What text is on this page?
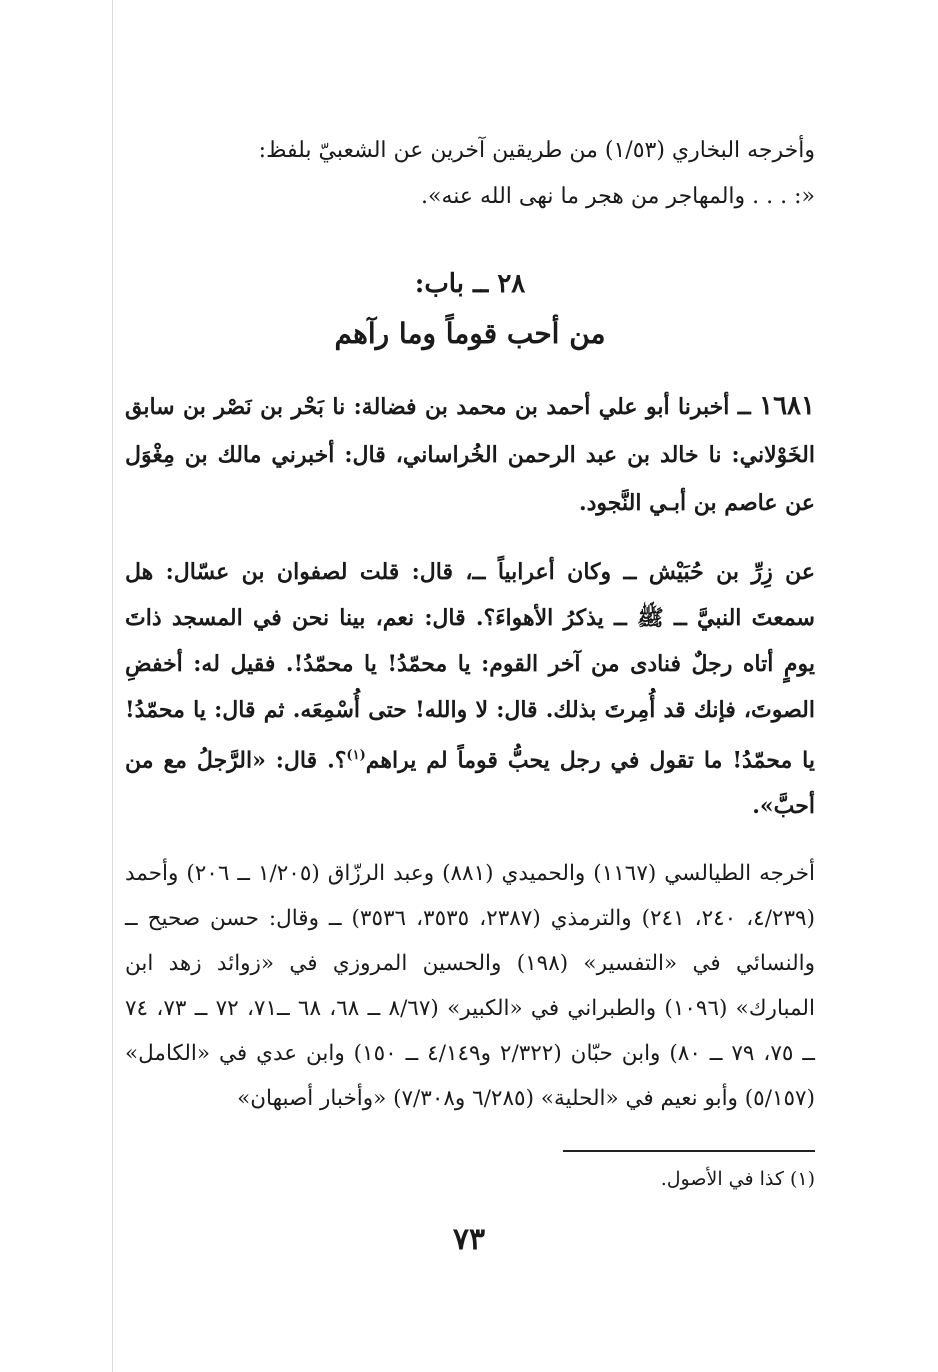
وأخرجه البخاري (١/٥٣) من طريقين آخرين عن الشعبيّ بلفظ:
«: . . . والمهاجر من هجر ما نهى الله عنه».

٢٨ ــ باب:
من أحب قوماً وما رآهم

١٦٨١ ــ أخبرنا أبو علي أحمد بن محمد بن فضالة: نا بَحْر بن نَصْر بن سابق الخَوْلاني: نا خالد بن عبد الرحمن الخُراساني، قال: أخبرني مالك بن مِغْوَل عن عاصم بن أبـي النَّجود.

عن زِرِّ بن حُبَيْش ــ وكان أعرابياً ــ، قال: قلت لصفوان بن عسّال: هل سمعتَ النبيَّ ــ ﷺ ــ يذكرُ الأهواءَ؟. قال: نعم، بينا نحن في المسجد ذاتَ يومٍ أتاه رجلٌ فنادى من آخر القوم: يا محمّدُ! يا محمّدُ!. فقيل له: أخفضِ الصوتَ، فإنك قد أُمِرتَ بذلك. قال: لا والله! حتى أُسْمِعَه. ثم قال: يا محمّدُ! يا محمّدُ! ما تقول في رجل يحبُّ قوماً لم يراهم$^{(١)}$؟. قال: «الرَّجلُ مع من أحبَّ».

أخرجه الطيالسي (١١٦٧) والحميدي (٨٨١) وعبد الرزّاق (١/٢٠٥ ــ ٢٠٦) وأحمد (٤/٢٣٩، ٢٤٠، ٢٤١) والترمذي (٢٣٨٧، ٣٥٣٥، ٣٥٣٦) ــ وقال: حسن صحيح ــ والنسائي في «التفسير» (١٩٨) والحسين المروزي في «زوائد زهد ابن المبارك» (١٠٩٦) والطبراني في «الكبير» (٨/٦٧ ــ ٦٨، ٦٨ ــ٧١، ٧٢ ــ ٧٣، ٧٤ ــ ٧٥، ٧٩ ــ ٨٠) وابن حبّان (٢/٣٢٢ و٤/١٤٩ ــ ١٥٠) وابن عدي في «الكامل» (٥/١٥٧) وأبو نعيم في «الحلية» (٦/٢٨٥ و٧/٣٠٨) «وأخبار أصبهان»

(١) كذا في الأصول.
٧٣
